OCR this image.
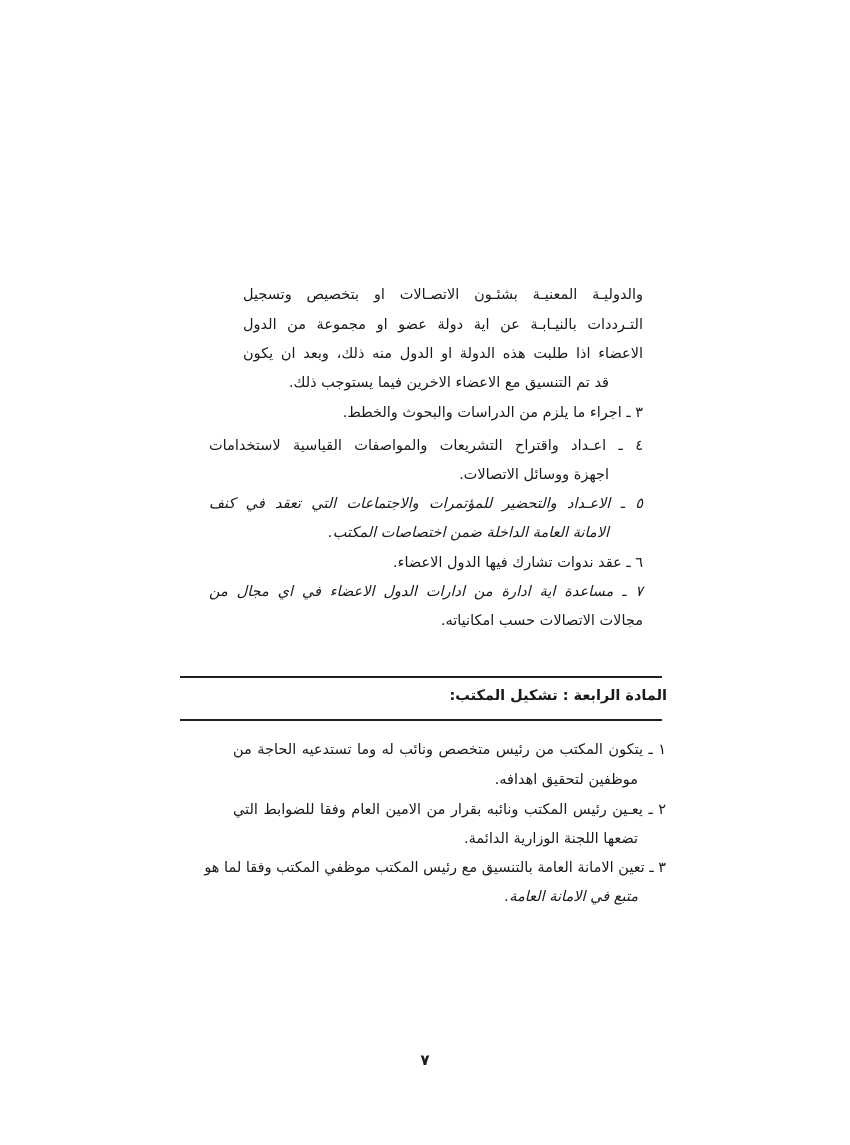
والدوليـة المعنيـة بشئـون الاتصـالات او بتخصيص وتسجيل
التـرددات بالنيـابـة عن اية دولة عضو او مجموعة من الدول
الاعضاء اذا طلبت هذه الدولة او الدول منه ذلك، وبعد ان يكون
قد تم التنسيق مع الاعضاء الاخرين فيما يستوجب ذلك.
٣ ـ اجراء ما يلزم من الدراسات والبحوث والخطط.
٤ ـ اعـداد واقتراح التشريعات والمواصفات القياسية لاستخدامات
اجهزة ووسائل الاتصالات.
٥ ـ الاعـداد والتحضير للمؤتمرات والاجتماعات التي تعقد في كنف
الامانة العامة الداخلة ضمن اختصاصات المكتب.
٦ ـ عقد ندوات تشارك فيها الدول الاعضاء.
٧ ـ مساعدة اية ادارة من ادارات الدول الاعضاء في اي مجال من
مجالات الاتصالات حسب امكانياته.
المادة الرابعة : تشكيل المكتب:
١ ـ يتكون المكتب من رئيس متخصص ونائب له وما تستدعيه الحاجة من
موظفين لتحقيق اهدافه.
٢ ـ يعـين رئيس المكتب ونائبه بقرار من الامين العام وفقا للضوابط التي
تضعها اللجنة الوزارية الدائمة.
٣ ـ تعين الامانة العامة بالتنسيق مع رئيس المكتب موظفي المكتب وفقا لما هو
متبع في الامانة العامة.
٧
